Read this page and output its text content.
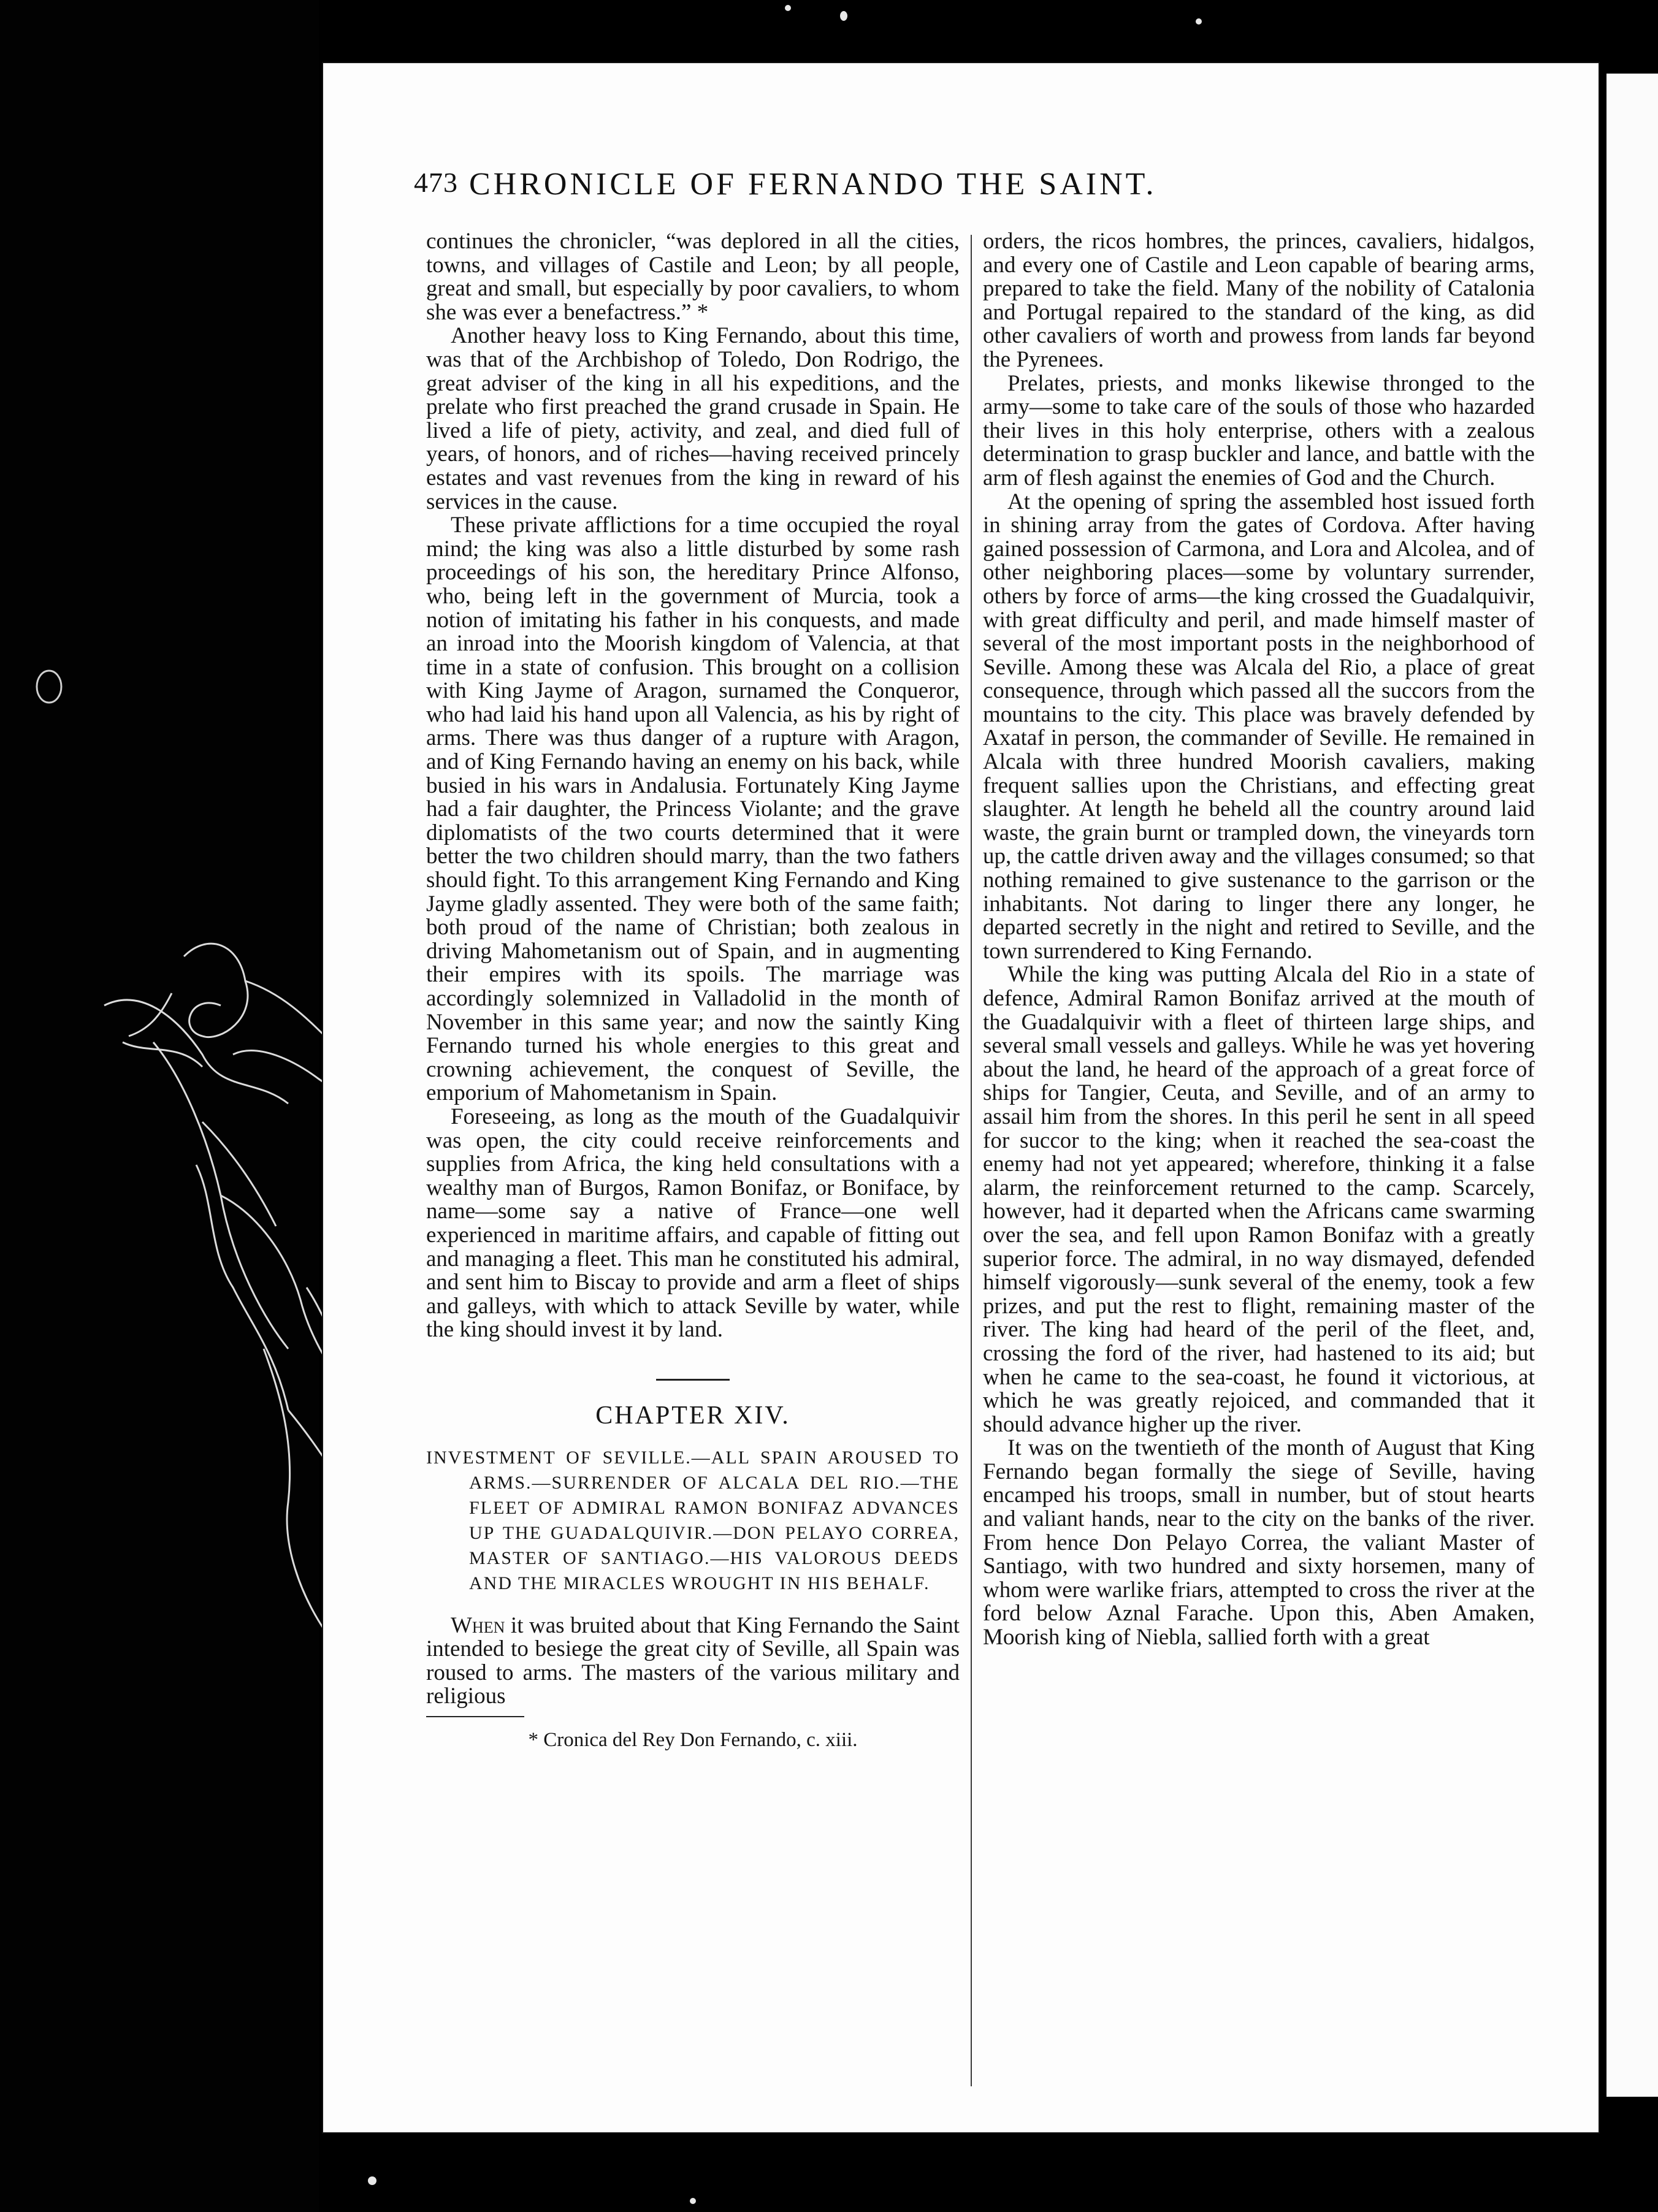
473 CHRONICLE OF FERNANDO THE SAINT.

continues the chronicler, “was deplored in all the cities, towns, and villages of Castile and Leon; by all people, great and small, but especially by poor cavaliers, to whom she was ever a benefactress.” *

Another heavy loss to King Fernando, about this time, was that of the Archbishop of Toledo, Don Rodrigo, the great adviser of the king in all his expeditions, and the prelate who first preached the grand crusade in Spain. He lived a life of piety, activity, and zeal, and died full of years, of honors, and of riches—having received princely estates and vast revenues from the king in reward of his services in the cause.

These private afflictions for a time occupied the royal mind; the king was also a little disturbed by some rash proceedings of his son, the hereditary Prince Alfonso, who, being left in the government of Murcia, took a notion of imitating his father in his conquests, and made an inroad into the Moorish kingdom of Valencia, at that time in a state of confusion. This brought on a collision with King Jayme of Aragon, surnamed the Conqueror, who had laid his hand upon all Valencia, as his by right of arms. There was thus danger of a rupture with Aragon, and of King Fernando having an enemy on his back, while busied in his wars in Andalusia. Fortunately King Jayme had a fair daughter, the Princess Violante; and the grave diplomatists of the two courts determined that it were better the two children should marry, than the two fathers should fight. To this arrangement King Fernando and King Jayme gladly assented. They were both of the same faith; both proud of the name of Christian; both zealous in driving Mahometanism out of Spain, and in augmenting their empires with its spoils. The marriage was accordingly solemnized in Valladolid in the month of November in this same year; and now the saintly King Fernando turned his whole energies to this great and crowning achievement, the conquest of Seville, the emporium of Mahometanism in Spain.

Foreseeing, as long as the mouth of the Guadalquivir was open, the city could receive reinforcements and supplies from Africa, the king held consultations with a wealthy man of Burgos, Ramon Bonifaz, or Boniface, by name—some say a native of France—one well experienced in maritime affairs, and capable of fitting out and managing a fleet. This man he constituted his admiral, and sent him to Biscay to provide and arm a fleet of ships and galleys, with which to attack Seville by water, while the king should invest it by land.

CHAPTER XIV.
INVESTMENT OF SEVILLE.—ALL SPAIN AROUSED TO ARMS.—SURRENDER OF ALCALA DEL RIO.—THE FLEET OF ADMIRAL RAMON BONIFAZ ADVANCES UP THE GUADALQUIVIR.—DON PELAYO CORREA, MASTER OF SANTIAGO.—HIS VALOROUS DEEDS AND THE MIRACLES WROUGHT IN HIS BEHALF.

When it was bruited about that King Fernando the Saint intended to besiege the great city of Seville, all Spain was roused to arms. The masters of the various military and religious

* Cronica del Rey Don Fernando, c. xiii.

orders, the ricos hombres, the princes, cavaliers, hidalgos, and every one of Castile and Leon capable of bearing arms, prepared to take the field. Many of the nobility of Catalonia and Portugal repaired to the standard of the king, as did other cavaliers of worth and prowess from lands far beyond the Pyrenees.

Prelates, priests, and monks likewise thronged to the army—some to take care of the souls of those who hazarded their lives in this holy enterprise, others with a zealous determination to grasp buckler and lance, and battle with the arm of flesh against the enemies of God and the Church.

At the opening of spring the assembled host issued forth in shining array from the gates of Cordova. After having gained possession of Carmona, and Lora and Alcolea, and of other neighboring places—some by voluntary surrender, others by force of arms—the king crossed the Guadalquivir, with great difficulty and peril, and made himself master of several of the most important posts in the neighborhood of Seville. Among these was Alcala del Rio, a place of great consequence, through which passed all the succors from the mountains to the city. This place was bravely defended by Axataf in person, the commander of Seville. He remained in Alcala with three hundred Moorish cavaliers, making frequent sallies upon the Christians, and effecting great slaughter. At length he beheld all the country around laid waste, the grain burnt or trampled down, the vineyards torn up, the cattle driven away and the villages consumed; so that nothing remained to give sustenance to the garrison or the inhabitants. Not daring to linger there any longer, he departed secretly in the night and retired to Seville, and the town surrendered to King Fernando.

While the king was putting Alcala del Rio in a state of defence, Admiral Ramon Bonifaz arrived at the mouth of the Guadalquivir with a fleet of thirteen large ships, and several small vessels and galleys. While he was yet hovering about the land, he heard of the approach of a great force of ships for Tangier, Ceuta, and Seville, and of an army to assail him from the shores. In this peril he sent in all speed for succor to the king; when it reached the sea-coast the enemy had not yet appeared; wherefore, thinking it a false alarm, the reinforcement returned to the camp. Scarcely, however, had it departed when the Africans came swarming over the sea, and fell upon Ramon Bonifaz with a greatly superior force. The admiral, in no way dismayed, defended himself vigorously—sunk several of the enemy, took a few prizes, and put the rest to flight, remaining master of the river. The king had heard of the peril of the fleet, and, crossing the ford of the river, had hastened to its aid; but when he came to the sea-coast, he found it victorious, at which he was greatly rejoiced, and commanded that it should advance higher up the river.

It was on the twentieth of the month of August that King Fernando began formally the siege of Seville, having encamped his troops, small in number, but of stout hearts and valiant hands, near to the city on the banks of the river. From hence Don Pelayo Correa, the valiant Master of Santiago, with two hundred and sixty horsemen, many of whom were warlike friars, attempted to cross the river at the ford below Aznal Farache. Upon this, Aben Amaken, Moorish king of Niebla, sallied forth with a great
